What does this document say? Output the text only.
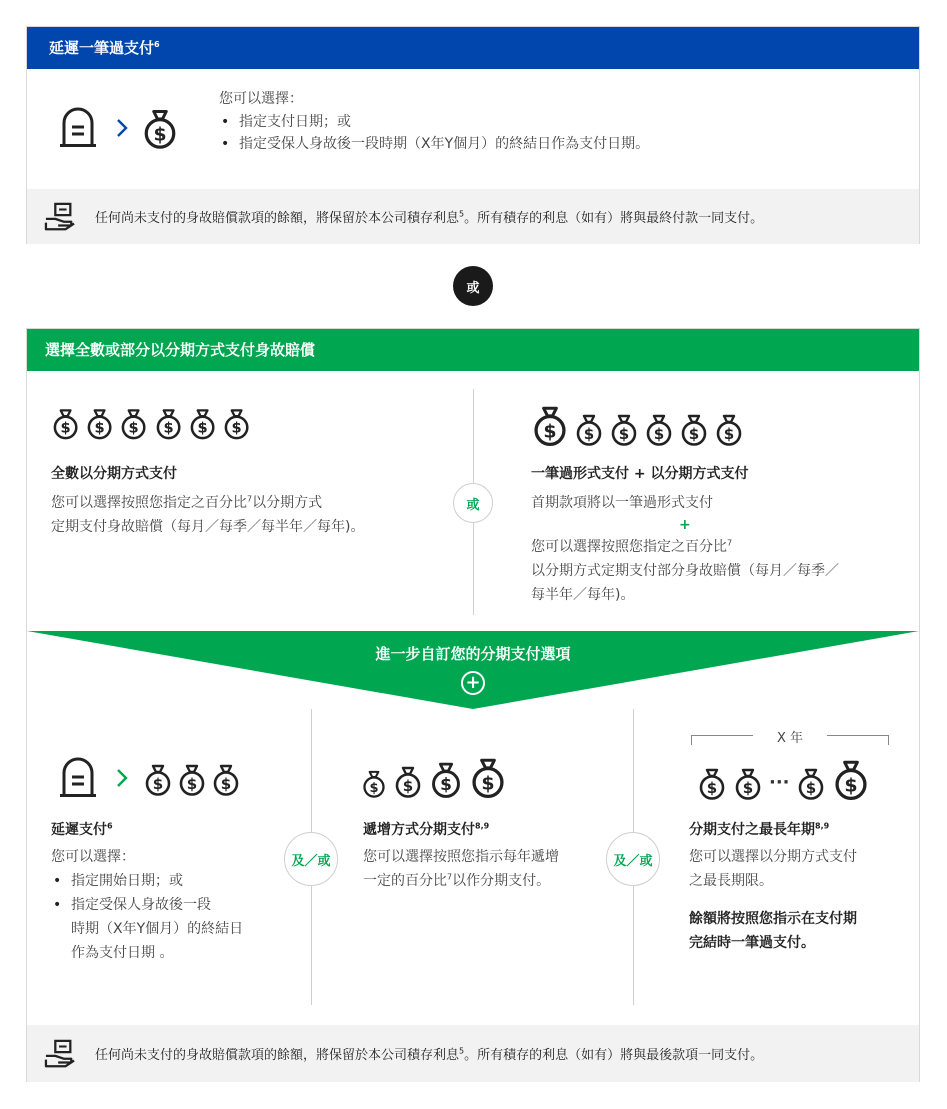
延遲一筆過支付$^6$
您可以選擇：
• 指定支付日期；或
• 指定受保人身故後一段時期（X年Y個月）的終結日作為支付日期。
任何尚未支付的身故賠償款項的餘額，將保留於本公司積存利息$^5$。所有積存的利息（如有）將與最終付款一同支付。
或
選擇全數或部分以分期方式支付身故賠償
全數以分期方式支付
您可以選擇按照您指定之百分比$^7$以分期方式
定期支付身故賠償（每月／每季／每半年／每年)。
或
一筆過形式支付 + 以分期方式支付
首期款項將以一筆過形式支付
+
您可以選擇按照您指定之百分比$^7$
以分期方式定期支付部分身故賠償（每月／每季／
每半年／每年)。
進一步自訂您的分期支付選項
+
延遲支付$^6$
您可以選擇：
• 指定開始日期；或
• 指定受保人身故後一段
時期（X年Y個月）的終結日
作為支付日期 。
及／或
遞增方式分期支付$^{8,9}$
您可以選擇按照您指示每年遞增
一定的百分比$^7$以作分期支付。
及／或
X 年
···
分期支付之最長年期$^{8,9}$
您可以選擇以分期方式支付
之最長期限。
餘額將按照您指示在支付期
完結時一筆過支付。
任何尚未支付的身故賠償款項的餘額，將保留於本公司積存利息$^5$。所有積存的利息（如有）將與最後款項一同支付。
